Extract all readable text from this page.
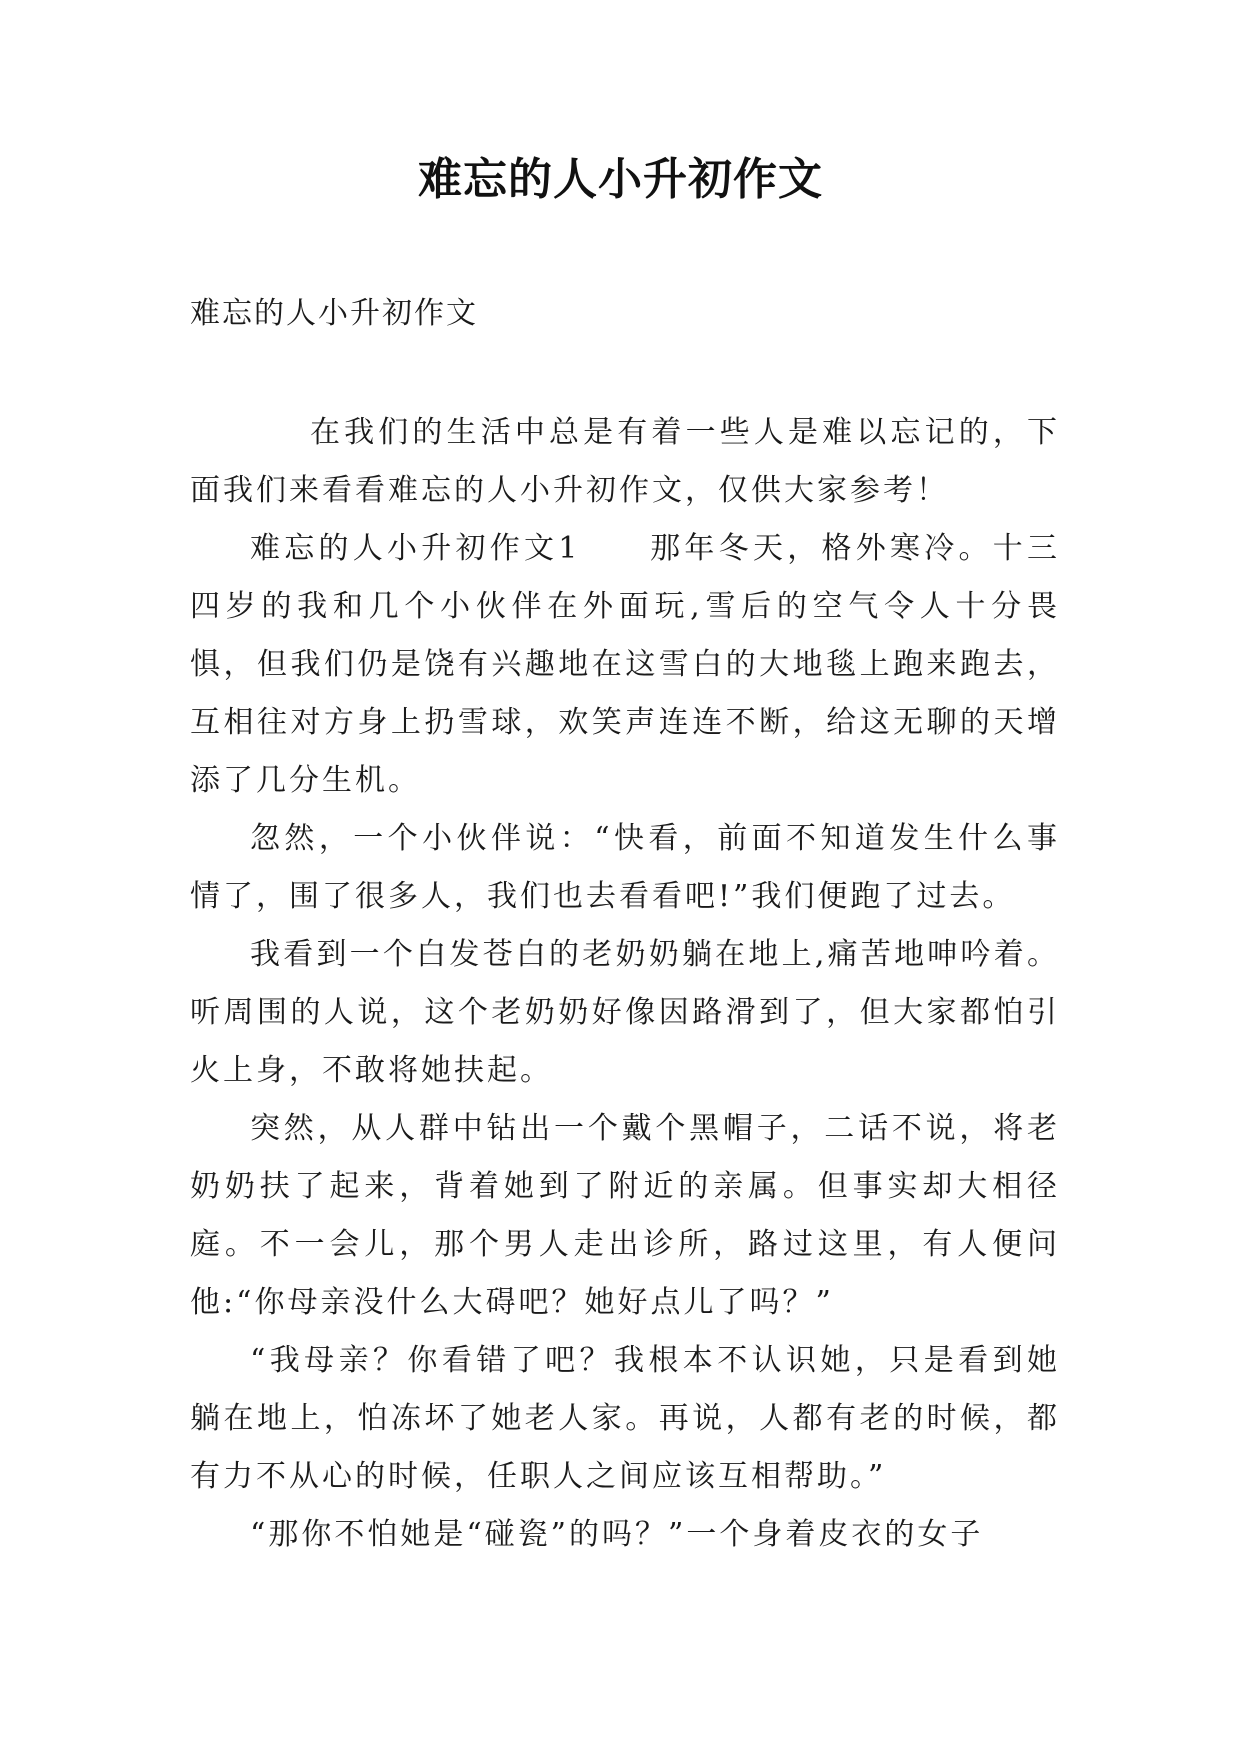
难忘的人小升初作文
难忘的人小升初作文

在我们的生活中总是有着一些人是难以忘记的，下面我们来看看难忘的人小升初作文，仅供大家参考！

难忘的人小升初作文1　　那年冬天，格外寒冷。十三四岁的我和几个小伙伴在外面玩,雪后的空气令人十分畏惧，但我们仍是饶有兴趣地在这雪白的大地毯上跑来跑去，互相往对方身上扔雪球，欢笑声连连不断，给这无聊的天增添了几分生机。

忽然，一个小伙伴说：“快看，前面不知道发生什么事情了，围了很多人，我们也去看看吧!”我们便跑了过去。

我看到一个白发苍白的老奶奶躺在地上,痛苦地呻吟着。听周围的人说，这个老奶奶好像因路滑到了，但大家都怕引火上身，不敢将她扶起。

突然，从人群中钻出一个戴个黑帽子，二话不说，将老奶奶扶了起来，背着她到了附近的亲属。但事实却大相径庭。不一会儿，那个男人走出诊所，路过这里，有人便问他:“你母亲没什么大碍吧？她好点儿了吗？”

“我母亲？你看错了吧？我根本不认识她，只是看到她躺在地上，怕冻坏了她老人家。再说，人都有老的时候，都有力不从心的时候，任职人之间应该互相帮助。”

“那你不怕她是“碰瓷”的吗？”一个身着皮衣的女子
